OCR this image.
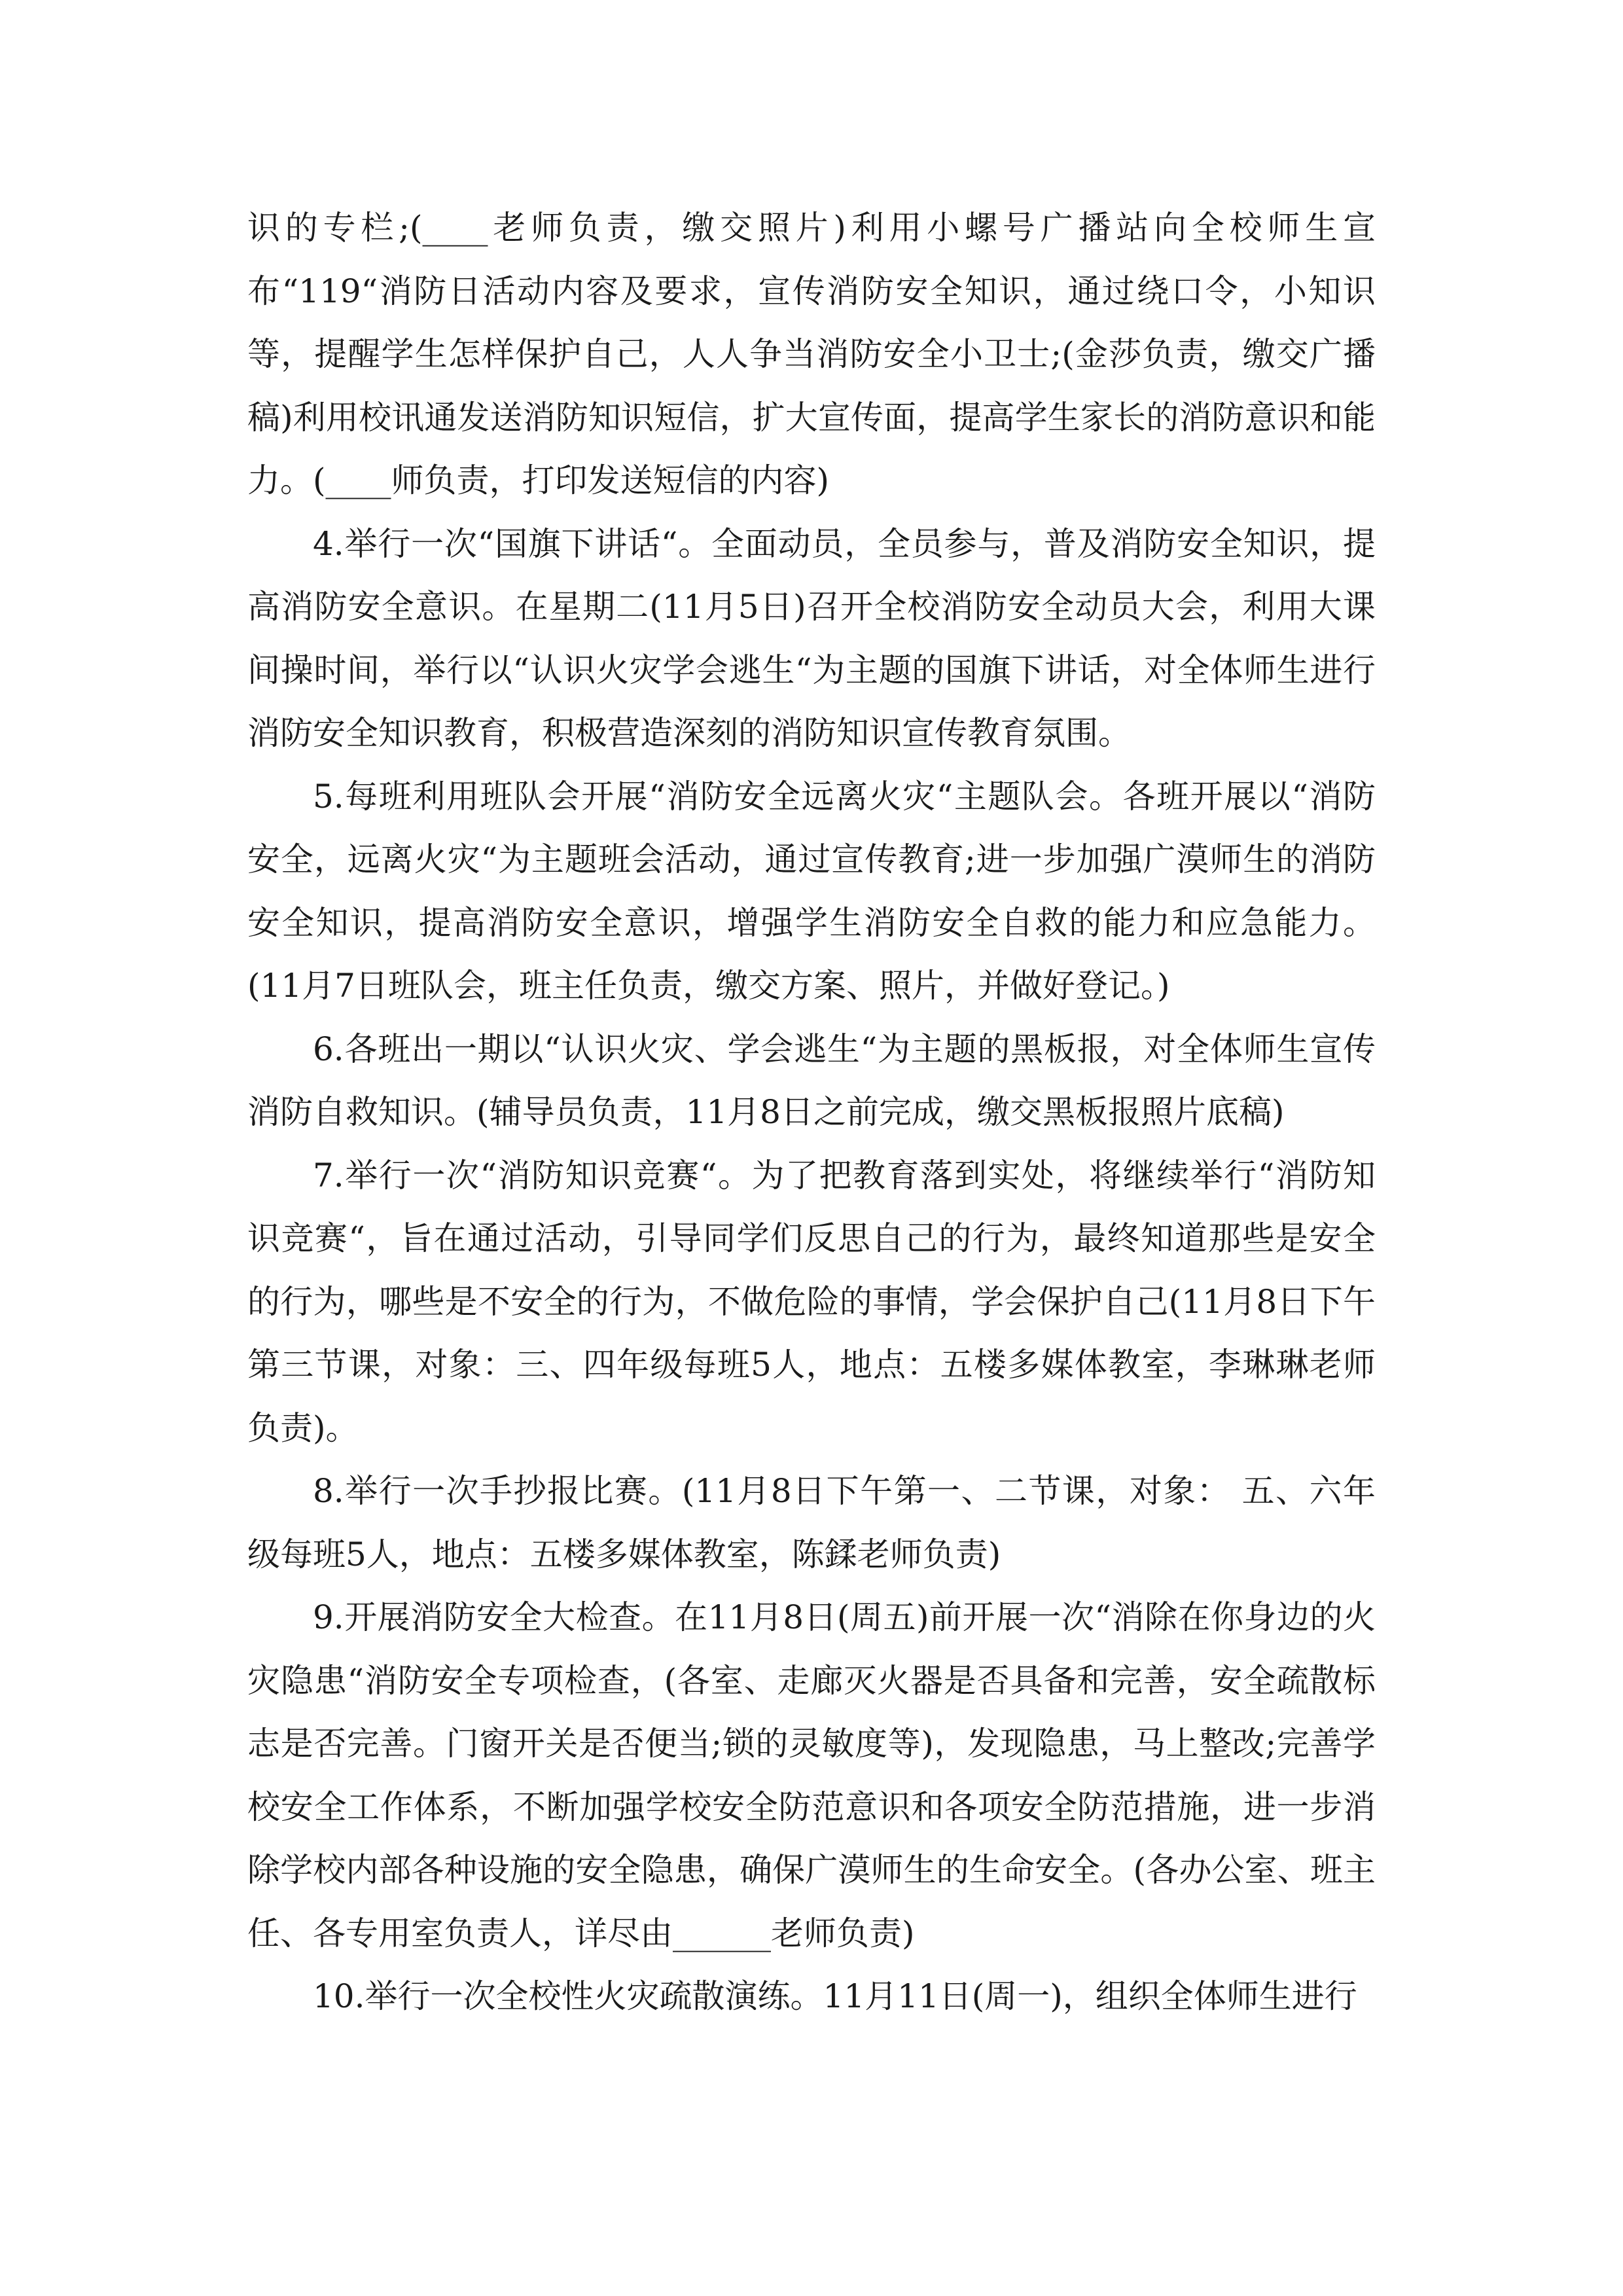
识的专栏;(____老师负责，缴交照片)利用小螺号广播站向全校师生宣布“119“消防日活动内容及要求，宣传消防安全知识，通过绕口令，小知识等，提醒学生怎样保护自己，人人争当消防安全小卫士;(金莎负责，缴交广播稿)利用校讯通发送消防知识短信，扩大宣传面，提高学生家长的消防意识和能力。(____师负责，打印发送短信的内容)

4.举行一次“国旗下讲话“。全面动员，全员参与，普及消防安全知识，提高消防安全意识。在星期二(11月5日)召开全校消防安全动员大会，利用大课间操时间，举行以“认识火灾学会逃生“为主题的国旗下讲话，对全体师生进行消防安全知识教育，积极营造深刻的消防知识宣传教育氛围。

5.每班利用班队会开展“消防安全远离火灾“主题队会。各班开展以“消防安全，远离火灾“为主题班会活动，通过宣传教育;进一步加强广漠师生的消防安全知识，提高消防安全意识，增强学生消防安全自救的能力和应急能力。(11月7日班队会，班主任负责，缴交方案、照片，并做好登记。)

6.各班出一期以“认识火灾、学会逃生“为主题的黑板报，对全体师生宣传消防自救知识。(辅导员负责，11月8日之前完成，缴交黑板报照片底稿)

7.举行一次“消防知识竞赛“。为了把教育落到实处，将继续举行“消防知识竞赛“，旨在通过活动，引导同学们反思自己的行为，最终知道那些是安全的行为，哪些是不安全的行为，不做危险的事情，学会保护自己(11月8日下午第三节课，对象：三、四年级每班5人，地点：五楼多媒体教室，李琳琳老师负责)。

8.举行一次手抄报比赛。(11月8日下午第一、二节课，对象： 五、六年级每班5人，地点：五楼多媒体教室，陈鍒老师负责)

9.开展消防安全大检查。在11月8日(周五)前开展一次“消除在你身边的火灾隐患“消防安全专项检查，(各室、走廊灭火器是否具备和完善，安全疏散标志是否完善。门窗开关是否便当;锁的灵敏度等)，发现隐患，马上整改;完善学校安全工作体系，不断加强学校安全防范意识和各项安全防范措施，进一步消除学校内部各种设施的安全隐患，确保广漠师生的生命安全。(各办公室、班主任、各专用室负责人，详尽由______老师负责)

10.举行一次全校性火灾疏散演练。11月11日(周一)，组织全体师生进行
